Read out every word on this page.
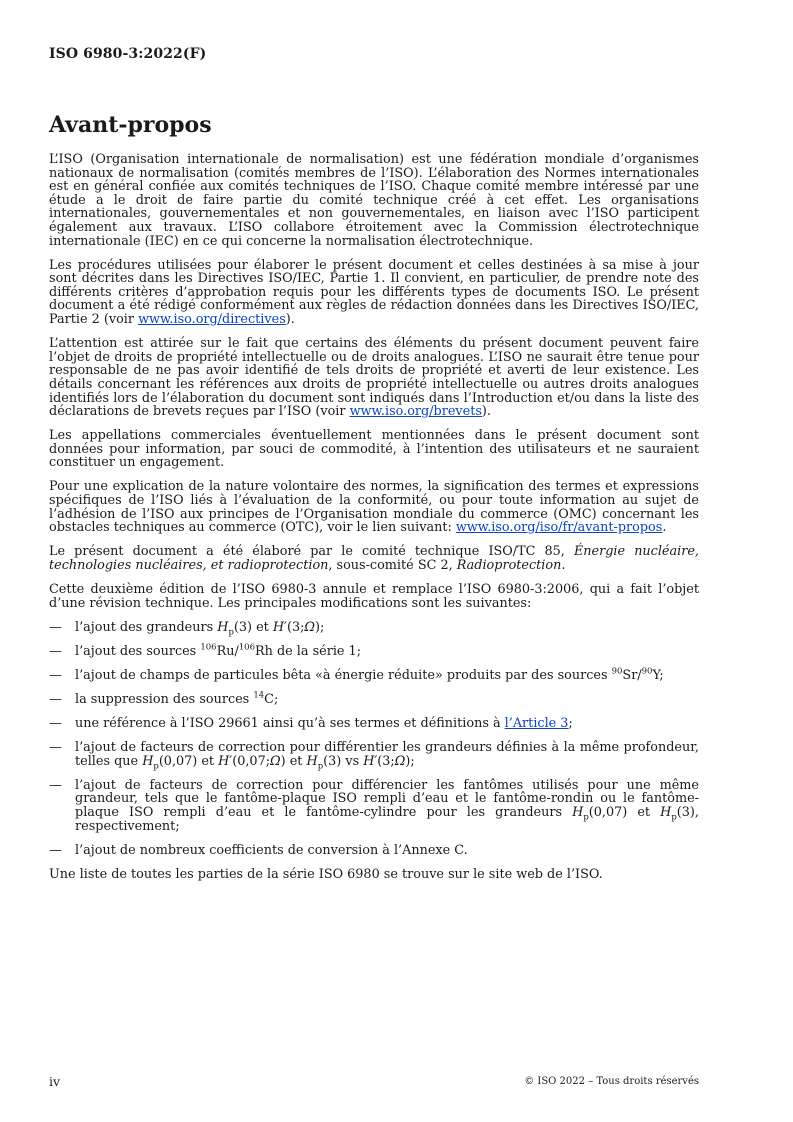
ISO 6980-3:2022(F)
Avant-propos

L’ISO (Organisation internationale de normalisation) est une fédération mondiale d’organismes nationaux de normalisation (comités membres de l’ISO). L’élaboration des Normes internationales est en général confiée aux comités techniques de l’ISO. Chaque comité membre intéressé par une étude a le droit de faire partie du comité technique créé à cet effet. Les organisations internationales, gouvernementales et non gouvernementales, en liaison avec l’ISO participent également aux travaux. L’ISO collabore étroitement avec la Commission électrotechnique internationale (IEC) en ce qui concerne la normalisation électrotechnique.

Les procédures utilisées pour élaborer le présent document et celles destinées à sa mise à jour sont décrites dans les Directives ISO/IEC, Partie 1. Il convient, en particulier, de prendre note des différents critères d’approbation requis pour les différents types de documents ISO. Le présent document a été rédigé conformément aux règles de rédaction données dans les Directives ISO/IEC, Partie 2 (voir www.iso.org/directives).

L’attention est attirée sur le fait que certains des éléments du présent document peuvent faire l’objet de droits de propriété intellectuelle ou de droits analogues. L’ISO ne saurait être tenue pour responsable de ne pas avoir identifié de tels droits de propriété et averti de leur existence. Les détails concernant les références aux droits de propriété intellectuelle ou autres droits analogues identifiés lors de l’élaboration du document sont indiqués dans l’Introduction et/ou dans la liste des déclarations de brevets reçues par l’ISO (voir www.iso.org/brevets).

Les appellations commerciales éventuellement mentionnées dans le présent document sont données pour information, par souci de commodité, à l’intention des utilisateurs et ne sauraient constituer un engagement.

Pour une explication de la nature volontaire des normes, la signification des termes et expressions spécifiques de l’ISO liés à l’évaluation de la conformité, ou pour toute information au sujet de l’adhésion de l’ISO aux principes de l’Organisation mondiale du commerce (OMC) concernant les obstacles techniques au commerce (OTC), voir le lien suivant: www.iso.org/iso/fr/avant-propos.

Le présent document a été élaboré par le comité technique ISO/TC 85, Énergie nucléaire, technologies nucléaires, et radioprotection, sous-comité SC 2, Radioprotection.

Cette deuxième édition de l’ISO 6980-3 annule et remplace l’ISO 6980-3:2006, qui a fait l’objet d’une révision technique. Les principales modifications sont les suivantes:

— l’ajout des grandeurs $H_p(3)$ et H′(3;Ω);
— l’ajout des sources $^{106}$Ru/$^{106}$Rh de la série 1;
— l’ajout de champs de particules bêta «à énergie réduite» produits par des sources $^{90}$Sr/$^{90}$Y;
— la suppression des sources $^{14}$C;
— une référence à l’ISO 29661 ainsi qu’à ses termes et définitions à l’Article 3;
— l’ajout de facteurs de correction pour différentier les grandeurs définies à la même profondeur, telles que $H_p(0,07)$ et H′(0,07;Ω) et $H_p(3)$ vs H′(3;Ω);
— l’ajout de facteurs de correction pour différencier les fantômes utilisés pour une même grandeur, tels que le fantôme-plaque ISO rempli d’eau et le fantôme-rondin ou le fantôme-plaque ISO rempli d’eau et le fantôme-cylindre pour les grandeurs $H_p(0,07)$ et $H_p(3)$, respectivement;
— l’ajout de nombreux coefficients de conversion à l’Annexe C.

Une liste de toutes les parties de la série ISO 6980 se trouve sur le site web de l’ISO.

iv	© ISO 2022 – Tous droits réservés
